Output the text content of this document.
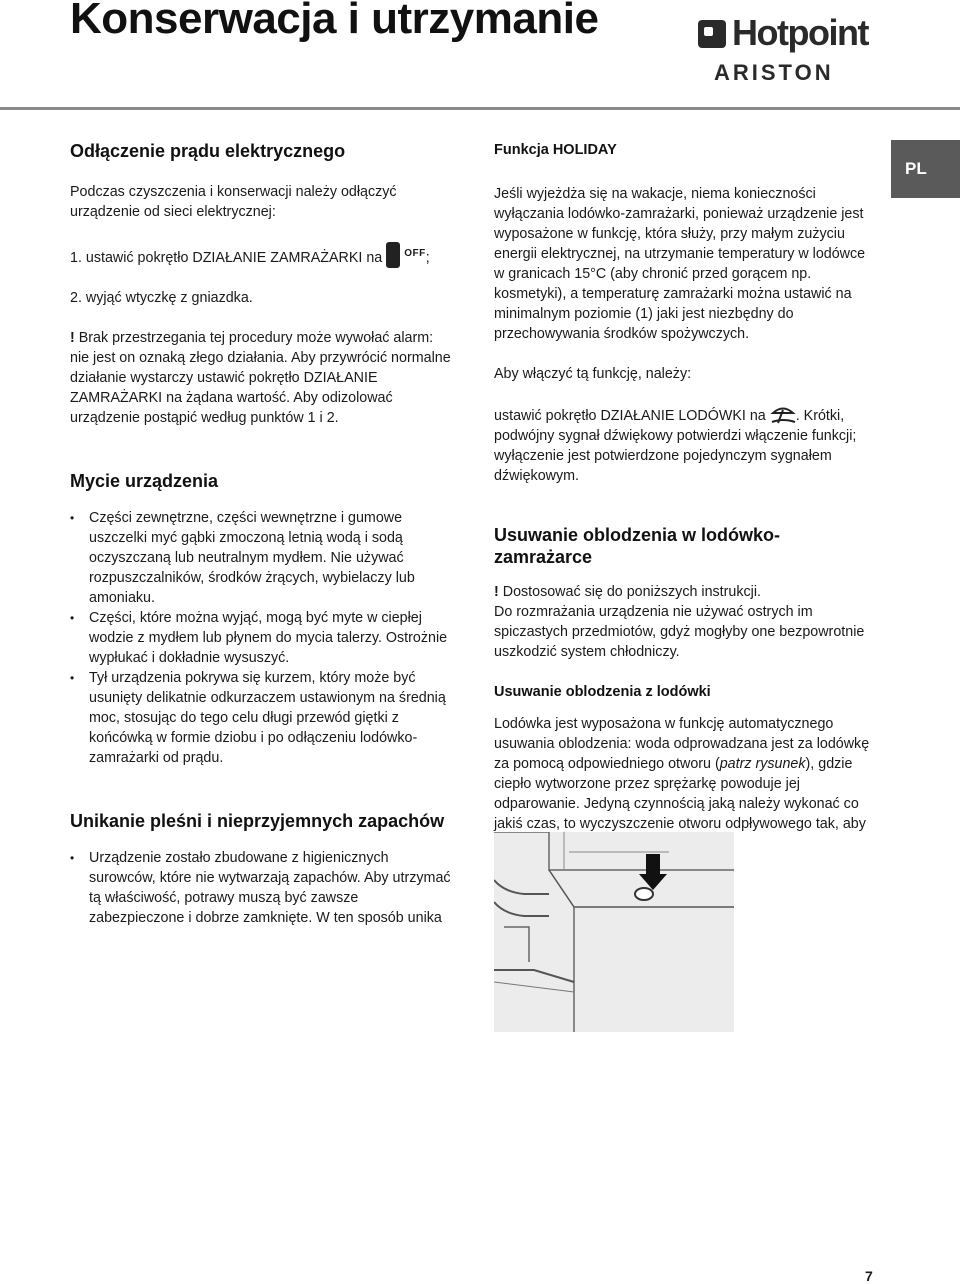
Konserwacja i utrzymanie	Hotpoint
ARISTON
PL
Odłączenie prądu elektrycznego

Podczas czyszczenia i konserwacji należy odłączyć urządzenie od sieci elektrycznej:

1. ustawić pokrętło DZIAŁANIE ZAMRAŻARKI na $^{OFF}$;

2. wyjąć wtyczkę z gniazdka.

! Brak przestrzegania tej procedury może wywołać alarm: nie jest on oznaką złego działania. Aby przywrócić normalne działanie wystarczy ustawić pokrętło DZIAŁANIE ZAMRAŻARKI na żądana wartość. Aby odizolować urządzenie postąpić według punktów 1 i 2.

Mycie urządzenia
• Części zewnętrzne, części wewnętrzne i gumowe uszczelki myć gąbki zmoczoną letnią wodą i sodą oczyszczaną lub neutralnym mydłem. Nie używać rozpuszczalników, środków żrących, wybielaczy lub amoniaku.
• Części, które można wyjąć, mogą być myte w ciepłej wodzie z mydłem lub płynem do mycia talerzy. Ostrożnie wypłukać i dokładnie wysuszyć.
• Tył urządzenia pokrywa się kurzem, który może być usunięty delikatnie odkurzaczem ustawionym na średnią moc, stosując do tego celu długi przewód giętki z końcówką w formie dziobu i po odłączeniu lodówko-zamrażarki od prądu.
Unikanie pleśni i nieprzyjemnych zapachów
• Urządzenie zostało zbudowane z higienicznych surowców, które nie wytwarzają zapachów. Aby utrzymać tą właściwość, potrawy muszą być zawsze zabezpieczone i dobrze zamknięte. W ten sposób unika
Funkcja HOLIDAY

Jeśli wyjeżdża się na wakacje, niema konieczności wyłączania lodówko-zamrażarki, ponieważ urządzenie jest wyposażone w funkcję, która służy, przy małym zużyciu energii elektrycznej, na utrzymanie temperatury w lodówce w granicach 15°C (aby chronić przed gorącem np. kosmetyki), a temperaturę zamrażarki można ustawić na minimalnym poziomie (1) jaki jest niezbędny do przechowywania środków spożywczych.

Aby włączyć tą funkcję, należy:

ustawić pokrętło DZIAŁANIE LODÓWKI na . Krótki, podwójny sygnał dźwiękowy potwierdzi włączenie funkcji; wyłączenie jest potwierdzone pojedynczym sygnałem dźwiękowym.

Usuwanie oblodzenia w lodówko-zamrażarce

! Dostosować się do poniższych instrukcji.

Do rozmrażania urządzenia nie używać ostrych im spiczastych przedmiotów, gdyż mogłyby one bezpowrotnie uszkodzić system chłodniczy.

Usuwanie oblodzenia z lodówki

Lodówka jest wyposażona w funkcję automatycznego usuwania oblodzenia: woda odprowadzana jest za lodówkę za pomocą odpowiedniego otworu (patrz rysunek), gdzie ciepło wytworzone przez sprężarkę powoduje jej odparowanie. Jedyną czynnością jaką należy wykonać co jakiś czas, to wyczyszczenie otworu odpływowego tak, aby

7
